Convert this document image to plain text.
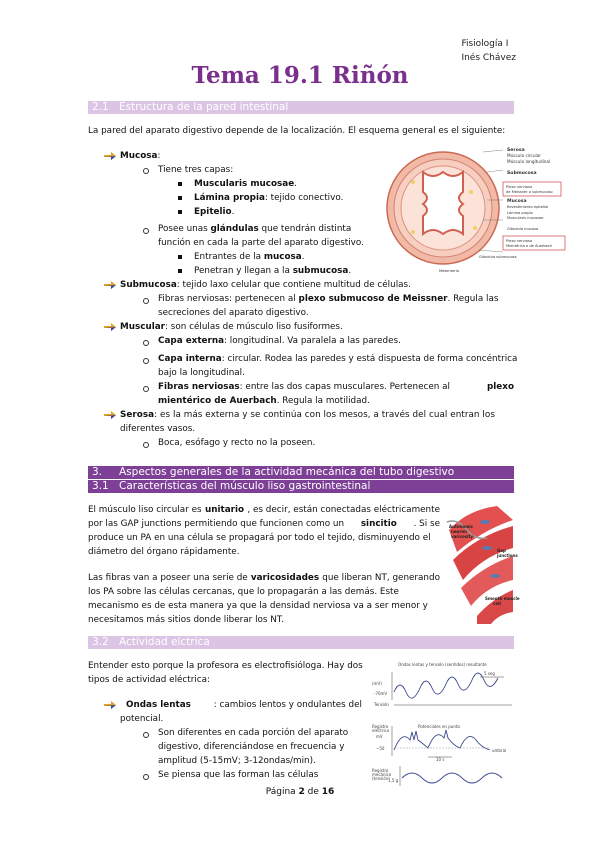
Fisiología I
Inés Chávez
Tema 19.1 Riñón
2.1 Estructura de la pared intestinal
La pared del aparato digestivo depende de la localización. El esquema general es el siguiente:
Mucosa:
Tiene tres capas:
Muscularis mucosae.
Lámina propia: tejido conectivo.
Epitelio.
Posee unas glándulas que tendrán distinta
función en cada la parte del aparato digestivo.
Entrantes de la mucosa.
Penetran y llegan a la submucosa.
Submucosa: tejido laxo celular que contiene multitud de células.
Fibras nerviosas: pertenecen al plexo submucoso de Meissner. Regula las
secreciones del aparato digestivo.
Muscular: son células de músculo liso fusiformes.
Capa externa: longitudinal. Va paralela a las paredes.
Capa interna: circular. Rodea las paredes y está dispuesta de forma concéntrica
bajo la longitudinal.
Fibras nerviosas: entre las dos capas musculares. Pertenecen al	plexo
mientérico de Auerbach. Regula la motilidad.
Serosa: es la más externa y se continúa con los mesos, a través del cual entran los
diferentes vasos.
Boca, esófago y recto no la poseen.
Serosa
Músculo circular
Músculo longitudinal
Submucosa
Plexo nervioso
de Meissner o submucoso
Mucosa
Revestimiento epitelial
Lámina propia
Muscularis mucosae
Glándula mucosa
Plexo nervioso
Mientérico o de Auerbach
Glándula submucosa
Mesenterio
3. Aspectos generales de la actividad mecánica del tubo digestivo
3.1 Características del músculo liso gastrointestinal
El músculo liso circular es unitario , es decir, están conectadas eléctricamente
por las GAP junctions permitiendo que funcionen como un sincitio . Si se
produce un PA en una célula se propagará por todo el tejido, disminuyendo el
diámetro del órgano rápidamente.
Las fibras van a poseer una serie de varicosidades que liberan NT, generando
los PA sobre las células cercanas, que lo propagarán a las demás. Este
mecanismo es de esta manera ya que la densidad nerviosa va a ser menor y
necesitamos más sitios donde liberar los NT.
Autonomic
neuron
varicosity
Gap
junctions
Smooth muscle
cell
3.2 Actividad elctrica
Entender esto porque la profesora es electrofisióloga. Hay dos
tipos de actividad eléctrica:
Ondas lentas	: cambios lentos y ondulantes del
potencial.
Son diferentes en cada porción del aparato
digestivo, diferenciándose en frecuencia y
amplitud (5-15mV; 3-12ondas/min).
Se piensa que las forman las células
Ondas lentas y tensión (sentidos) resultante
(mV)
-70mV
Tensión
5 seg
Registro
eléctrico
mV
−50
Potenciales en punta
umbral
10 s
Registro
mecánico
(tensión)
1,5 g
Página 2 de 16
